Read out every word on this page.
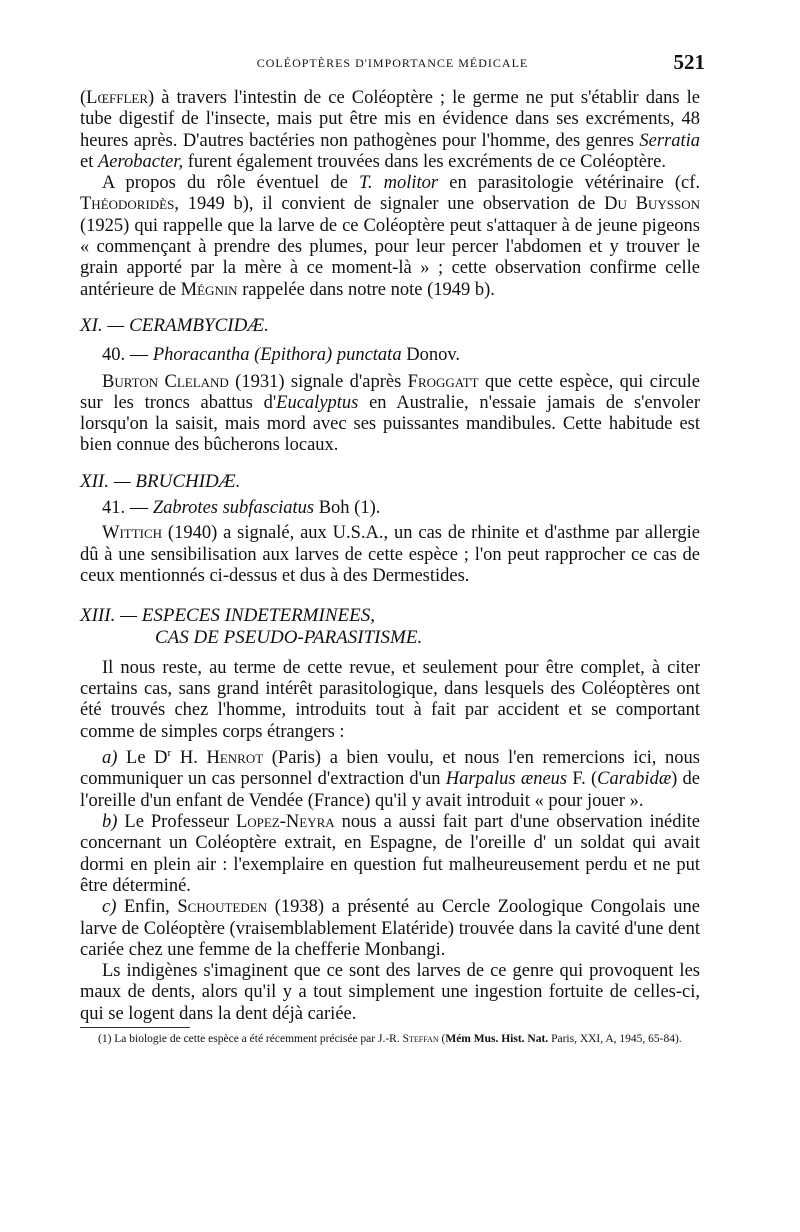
COLÉOPTÈRES D'IMPORTANCE MÉDICALE	521

(Lœffler) à travers l'intestin de ce Coléoptère ; le germe ne put s'établir dans le tube digestif de l'insecte, mais put être mis en évidence dans ses excréments, 48 heures après. D'autres bactéries non pathogènes pour l'homme, des genres Serratia et Aerobacter, furent également trouvées dans les excréments de ce Coléoptère.

A propos du rôle éventuel de T. molitor en parasitologie vétérinaire (cf. Théodoridès, 1949 b), il convient de signaler une observation de Du Buysson (1925) qui rappelle que la larve de ce Coléoptère peut s'attaquer à de jeune pigeons « commençant à prendre des plumes, pour leur percer l'abdomen et y trouver le grain apporté par la mère à ce moment-là » ; cette observation confirme celle antérieure de Mégnin rappelée dans notre note (1949 b).

XI. — CERAMBYCIDÆ.

40. — Phoracantha (Epithora) punctata Donov.

Burton Cleland (1931) signale d'après Froggatt que cette espèce, qui circule sur les troncs abattus d'Eucalyptus en Australie, n'essaie jamais de s'envoler lorsqu'on la saisit, mais mord avec ses puissantes mandibules. Cette habitude est bien connue des bûcherons locaux.

XII. — BRUCHIDÆ.

41. — Zabrotes subfasciatus Boh (1).

Wittich (1940) a signalé, aux U.S.A., un cas de rhinite et d'asthme par allergie dû à une sensibilisation aux larves de cette espèce ; l'on peut rapprocher ce cas de ceux mentionnés ci-dessus et dus à des Dermestides.

XIII. — ESPECES INDETERMINEES,
CAS DE PSEUDO-PARASITISME.

Il nous reste, au terme de cette revue, et seulement pour être complet, à citer certains cas, sans grand intérêt parasitologique, dans lesquels des Coléoptères ont été trouvés chez l'homme, introduits tout à fait par accident et se comportant comme de simples corps étrangers :

a) Le $D^r$ H. Henrot (Paris) a bien voulu, et nous l'en remercions ici, nous communiquer un cas personnel d'extraction d'un Harpalus æneus F. (Carabidæ) de l'oreille d'un enfant de Vendée (France) qu'il y avait introduit « pour jouer ».

b) Le Professeur Lopez-Neyra nous a aussi fait part d'une observation inédite concernant un Coléoptère extrait, en Espagne, de l'oreille d' un soldat qui avait dormi en plein air : l'exemplaire en question fut malheureusement perdu et ne put être déterminé.

c) Enfin, Schouteden (1938) a présenté au Cercle Zoologique Congolais une larve de Coléoptère (vraisemblablement Elatéride) trouvée dans la cavité d'une dent cariée chez une femme de la chefferie Monbangi.

Ls indigènes s'imaginent que ce sont des larves de ce genre qui provoquent les maux de dents, alors qu'il y a tout simplement une ingestion fortuite de celles-ci, qui se logent dans la dent déjà cariée.

(1) La biologie de cette espèce a été récemment précisée par J.-R. Steffan (Mém Mus. Hist. Nat. Paris, XXI, A, 1945, 65-84).
